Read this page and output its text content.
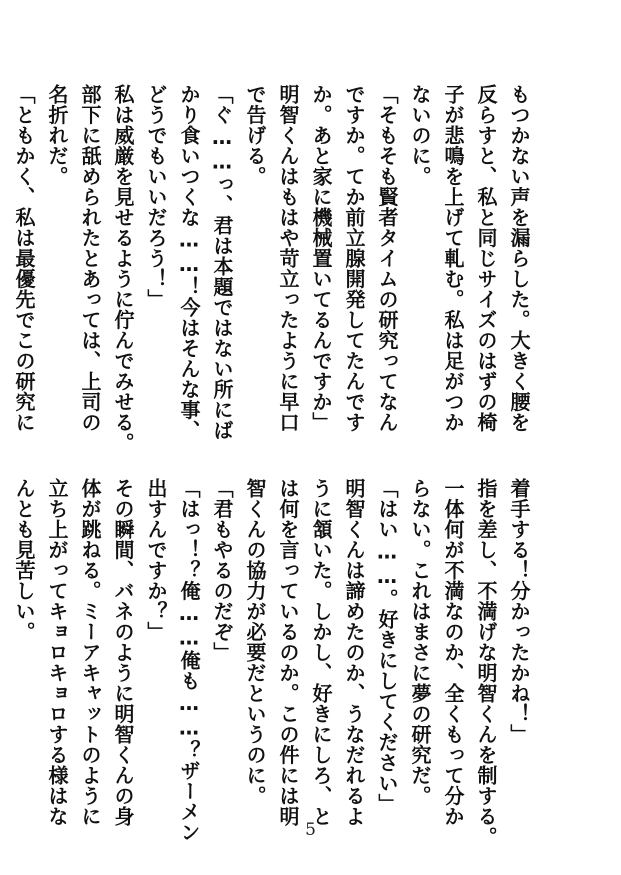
もつかない声を漏らした。大きく腰を
反らすと、私と同じサイズのはずの椅
子が悲鳴を上げて軋む。私は足がつか
ないのに。
「そもそも賢者タイムの研究ってなん
ですか。てか前立腺開発してたんです
か。あと家に機械置いてるんですか」
明智くんはもはや苛立ったように早口
で告げる。
「ぐ……っ、君は本題ではない所にば
かり食いつくな……！今はそんな事、
どうでもいいだろう！」
私は威厳を見せるように佇んでみせる。
部下に舐められたとあっては、上司の
名折れだ。
「ともかく、私は最優先でこの研究に
着手する！分かったかね！」
指を差し、不満げな明智くんを制する。
一体何が不満なのか、全くもって分か
らない。これはまさに夢の研究だ。
「はい……。好きにしてください」
明智くんは諦めたのか、うなだれるよ
うに頷いた。しかし、好きにしろ、と
は何を言っているのか。この件には明
智くんの協力が必要だというのに。
「君もやるのだぞ」
「はっ！？俺……俺も……？ザーメン
出すんですか？」
その瞬間、バネのように明智くんの身
体が跳ねる。ミーアキャットのように
立ち上がってキョロキョロする様はな
んとも見苦しい。
5
